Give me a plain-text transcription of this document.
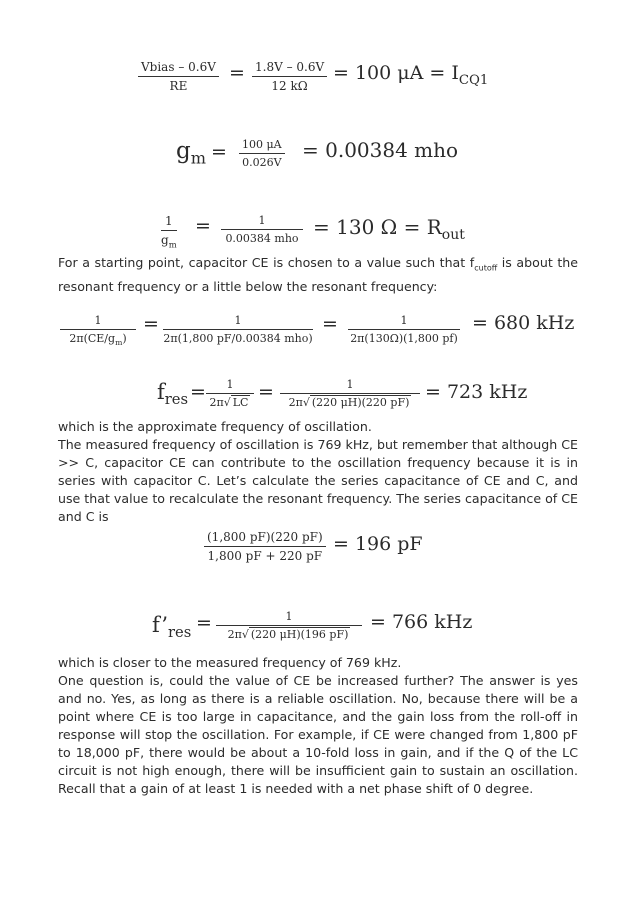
Vbias – 0.6V
RE
= $\frac{1.8V - 0.6V}{12 k\Omega} = 100$ $\mu A = I_{CQ1}$
$g_m = \frac{100 \mu A}{0.026V} = 0.00384$ mho
$\frac{1}{g_m}$ =	1
0.00384 mho = 130 $\Omega = R_{out}$

For a starting point, capacitor CE is chosen to a value such that $f_{cutoff}$ is about the resonant frequency or a little below the resonant frequency:

$\frac{1}{2\pi(CE/g_m)}$ =	1
2π(1,800 pF/0.00384 mho)
= $\frac{1}{2\pi(130\Omega)(1,800 pf)} = 680$ kHz
$f_{res} = \frac{1}{2\pi√ LC} = \frac{1}{2\pi√ (220 \mu H)(220 pF)} = 723$ kHz

which is the approximate frequency of oscillation.

The measured frequency of oscillation is 769 kHz, but remember that although CE >> C, capacitor CE can contribute to the oscillation frequency because it is in series with capacitor C. Let’s calculate the series capacitance of CE and C, and use that value to recalculate the resonant frequency. The series capacitance of CE and C is

$\frac{(1,800 pF)(220 pF)}{1,800 pF + 220 pF} = 196$ pF
$f’_{res} = \frac{1}{2\pi√ (220 \mu H)(196 pF)} = 766$ kHz

which is closer to the measured frequency of 769 kHz.

One question is, could the value of CE be increased further? The answer is yes and no. Yes, as long as there is a reliable oscillation. No, because there will be a point where CE is too large in capacitance, and the gain loss from the roll-off in response will stop the oscillation. For example, if CE were changed from 1,800 pF to 18,000 pF, there would be about a 10-fold loss in gain, and if the Q of the LC circuit is not high enough, there will be insufficient gain to sustain an oscillation. Recall that a gain of at least 1 is needed with a net phase shift of 0 degree.
